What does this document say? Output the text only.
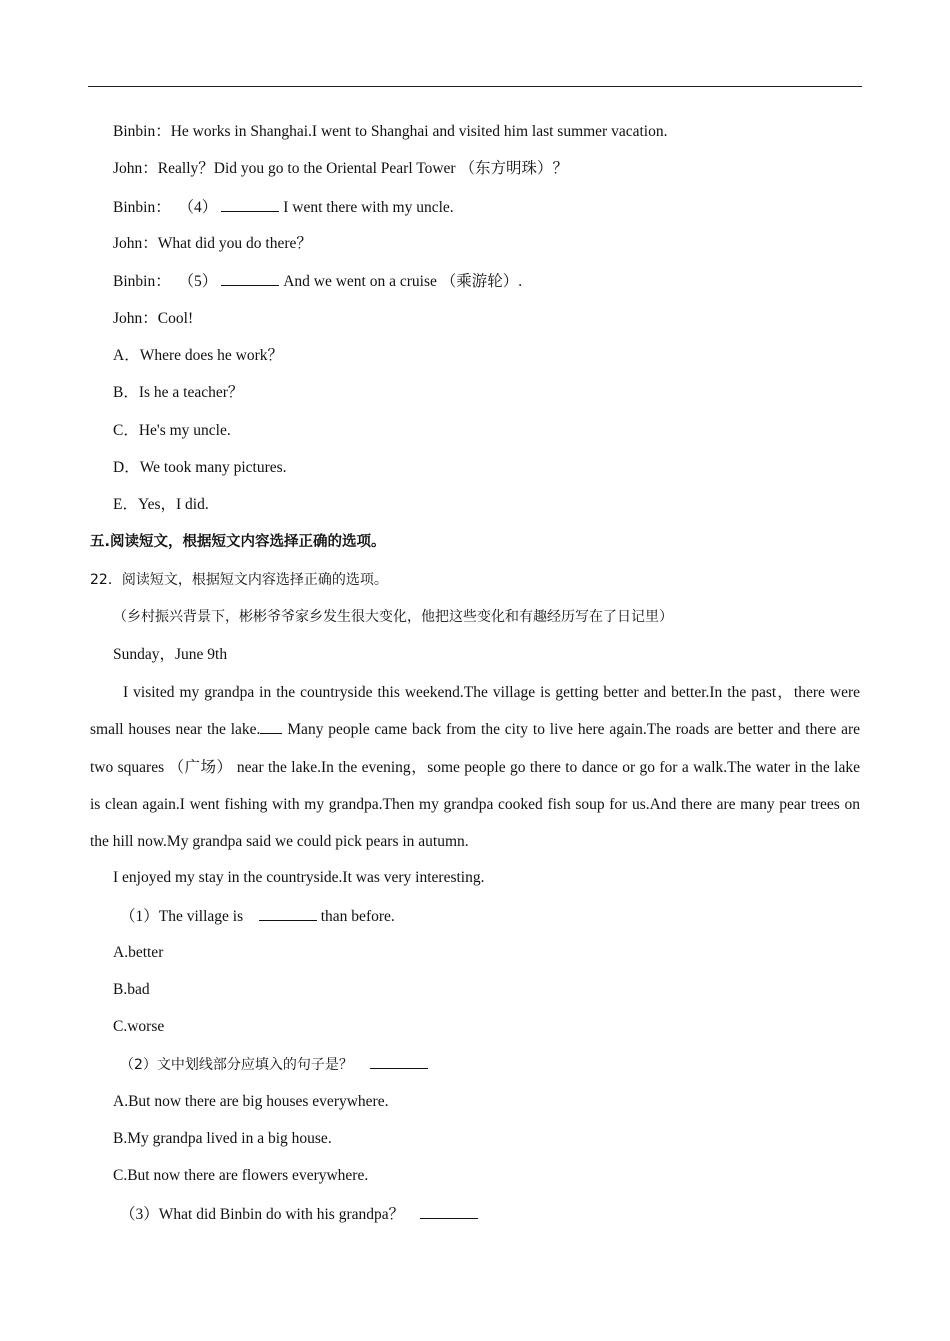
Binbin：He works in Shanghai.I went to Shanghai and visited him last summer vacation.
John：Really？Did you go to the Oriental Pearl Tower （东方明珠）？
Binbin： （4）	I went there with my uncle.
John：What did you do there？
Binbin： （5）	And we went on a cruise （乘游轮）.
John：Cool!
A．Where does he work？
B．Is he a teacher？
C．He's my uncle.
D．We took many pictures.
E．Yes，I did.
五.阅读短文，根据短文内容选择正确的选项。
22．阅读短文，根据短文内容选择正确的选项。
（乡村振兴背景下，彬彬爷爷家乡发生很大变化，他把这些变化和有趣经历写在了日记里）
Sunday，June 9th
I visited my grandpa in the countryside this weekend.The village is getting better and better.In the past，there were small houses near the lake. Many people came back from the city to live here again.The roads are better and there are two squares （广场） near the lake.In the evening，some people go there to dance or go for a walk.The water in the lake is clean again.I went fishing with my grandpa.Then my grandpa cooked fish soup for us.And there are many pear trees on the hill now.My grandpa said we could pick pears in autumn.
I enjoyed my stay in the countryside.It was very interesting.
（1）The village is	than before.
A.better
B.bad
C.worse
（2）文中划线部分应填入的句子是？
A.But now there are big houses everywhere.
B.My grandpa lived in a big house.
C.But now there are flowers everywhere.
（3）What did Binbin do with his grandpa？
